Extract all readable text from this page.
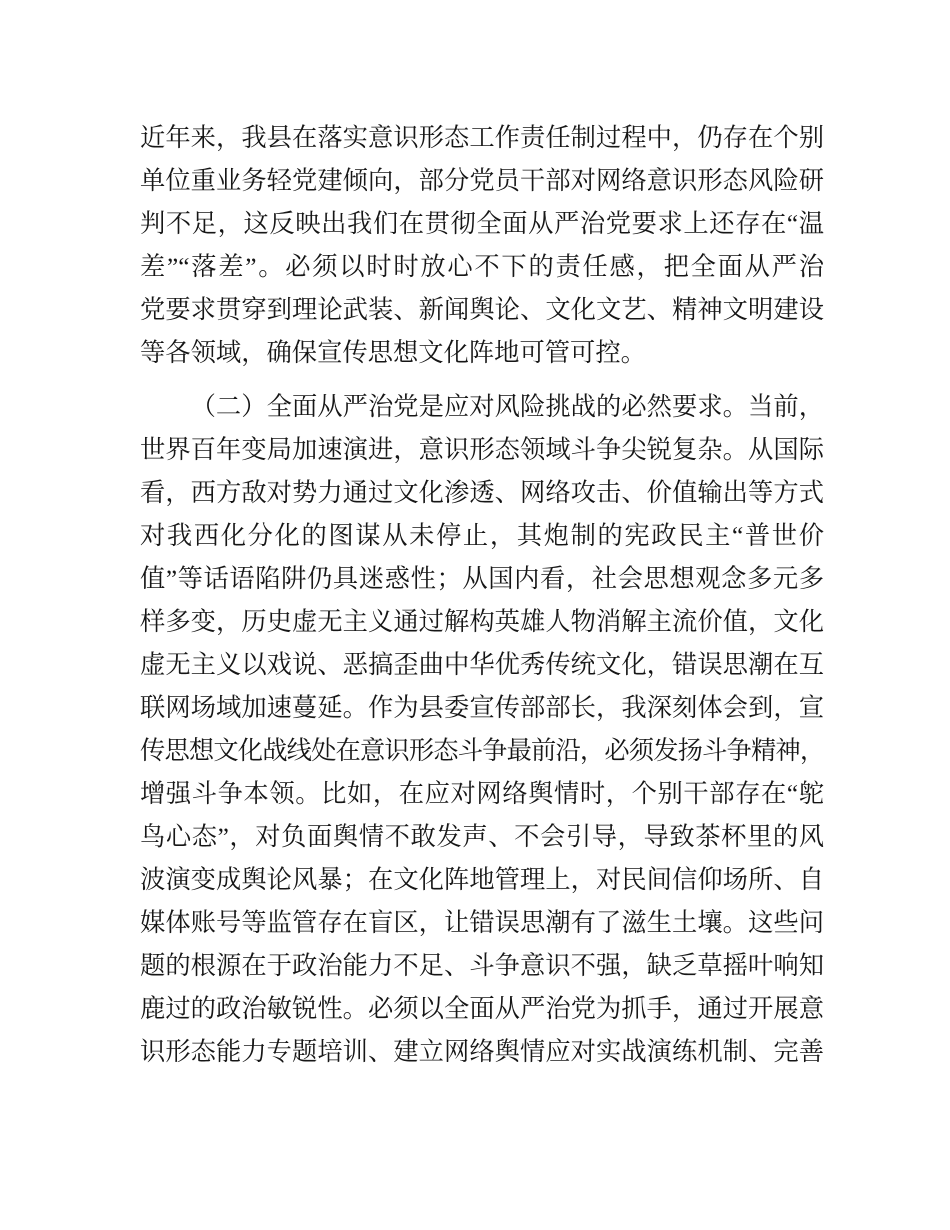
近年来，我县在落实意识形态工作责任制过程中，仍存在个别
单位重业务轻党建倾向，部分党员干部对网络意识形态风险研
判不足，这反映出我们在贯彻全面从严治党要求上还存在“温
差”“落差”。必须以时时放心不下的责任感，把全面从严治
党要求贯穿到理论武装、新闻舆论、文化文艺、精神文明建设
等各领域，确保宣传思想文化阵地可管可控。
（二）全面从严治党是应对风险挑战的必然要求。当前，
世界百年变局加速演进，意识形态领域斗争尖锐复杂。从国际
看，西方敌对势力通过文化渗透、网络攻击、价值输出等方式
对我西化分化的图谋从未停止，其炮制的宪政民主“普世价
值”等话语陷阱仍具迷惑性；从国内看，社会思想观念多元多
样多变，历史虚无主义通过解构英雄人物消解主流价值，文化
虚无主义以戏说、恶搞歪曲中华优秀传统文化，错误思潮在互
联网场域加速蔓延。作为县委宣传部部长，我深刻体会到，宣
传思想文化战线处在意识形态斗争最前沿，必须发扬斗争精神，
增强斗争本领。比如，在应对网络舆情时，个别干部存在“鸵
鸟心态”，对负面舆情不敢发声、不会引导，导致茶杯里的风
波演变成舆论风暴；在文化阵地管理上，对民间信仰场所、自
媒体账号等监管存在盲区，让错误思潮有了滋生土壤。这些问
题的根源在于政治能力不足、斗争意识不强，缺乏草摇叶响知
鹿过的政治敏锐性。必须以全面从严治党为抓手，通过开展意
识形态能力专题培训、建立网络舆情应对实战演练机制、完善
